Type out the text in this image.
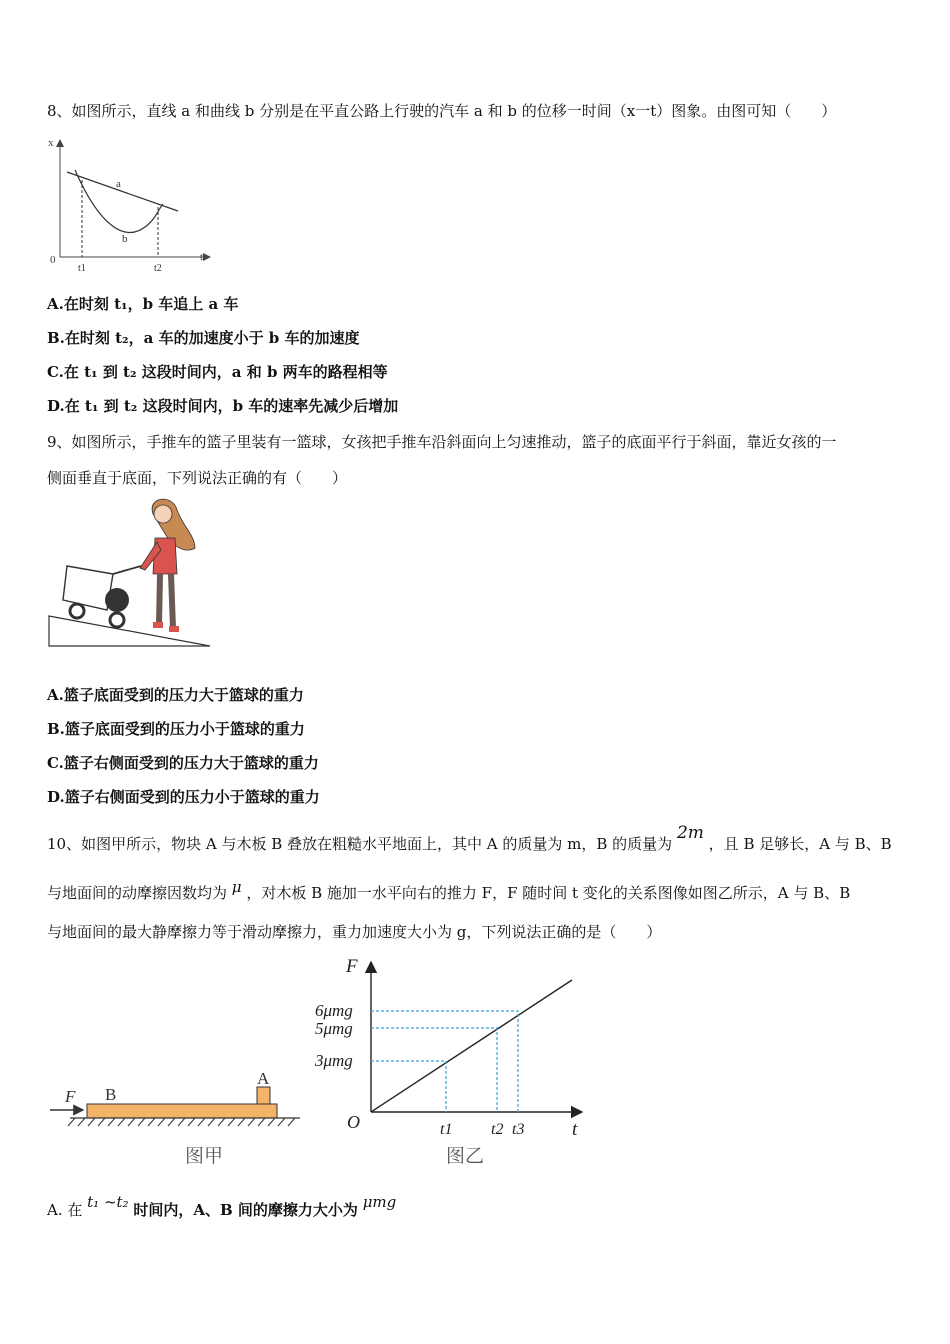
8、如图所示，直线 a 和曲线 b 分别是在平直公路上行驶的汽车 a 和 b 的位移一时间（x一t）图象。由图可知（　　）
x
t
0
a
b
t1	t2
A.在时刻 t₁，b 车追上 a 车
B.在时刻 t₂，a 车的加速度小于 b 车的加速度
C.在 t₁ 到 t₂ 这段时间内，a 和 b 两车的路程相等
D.在 t₁ 到 t₂ 这段时间内，b 车的速率先减少后增加
9、如图所示，手推车的篮子里装有一篮球，女孩把手推车沿斜面向上匀速推动，篮子的底面平行于斜面，靠近女孩的一
侧面垂直于底面，下列说法正确的有（　　）
A.篮子底面受到的压力大于篮球的重力
B.篮子底面受到的压力小于篮球的重力
C.篮子右侧面受到的压力大于篮球的重力
D.篮子右侧面受到的压力小于篮球的重力
10、如图甲所示，物块 A 与木板 B 叠放在粗糙水平地面上，其中 A 的质量为 m，B 的质量为 2m ，且 B 足够长，A 与 B、B
与地面间的动摩擦因数均为 μ ，对木板 B 施加一水平向右的推力 F，F 随时间 t 变化的关系图像如图乙所示，A 与 B、B
与地面间的最大静摩擦力等于滑动摩擦力，重力加速度大小为 g，下列说法正确的是（　　）
F B
A
图甲
F
t
O
6μmg
5μmg
3μmg
t1 t2 t3
图乙
A. 在 t₁ ~t₂ 时间内，A、B 间的摩擦力大小为 μmg
